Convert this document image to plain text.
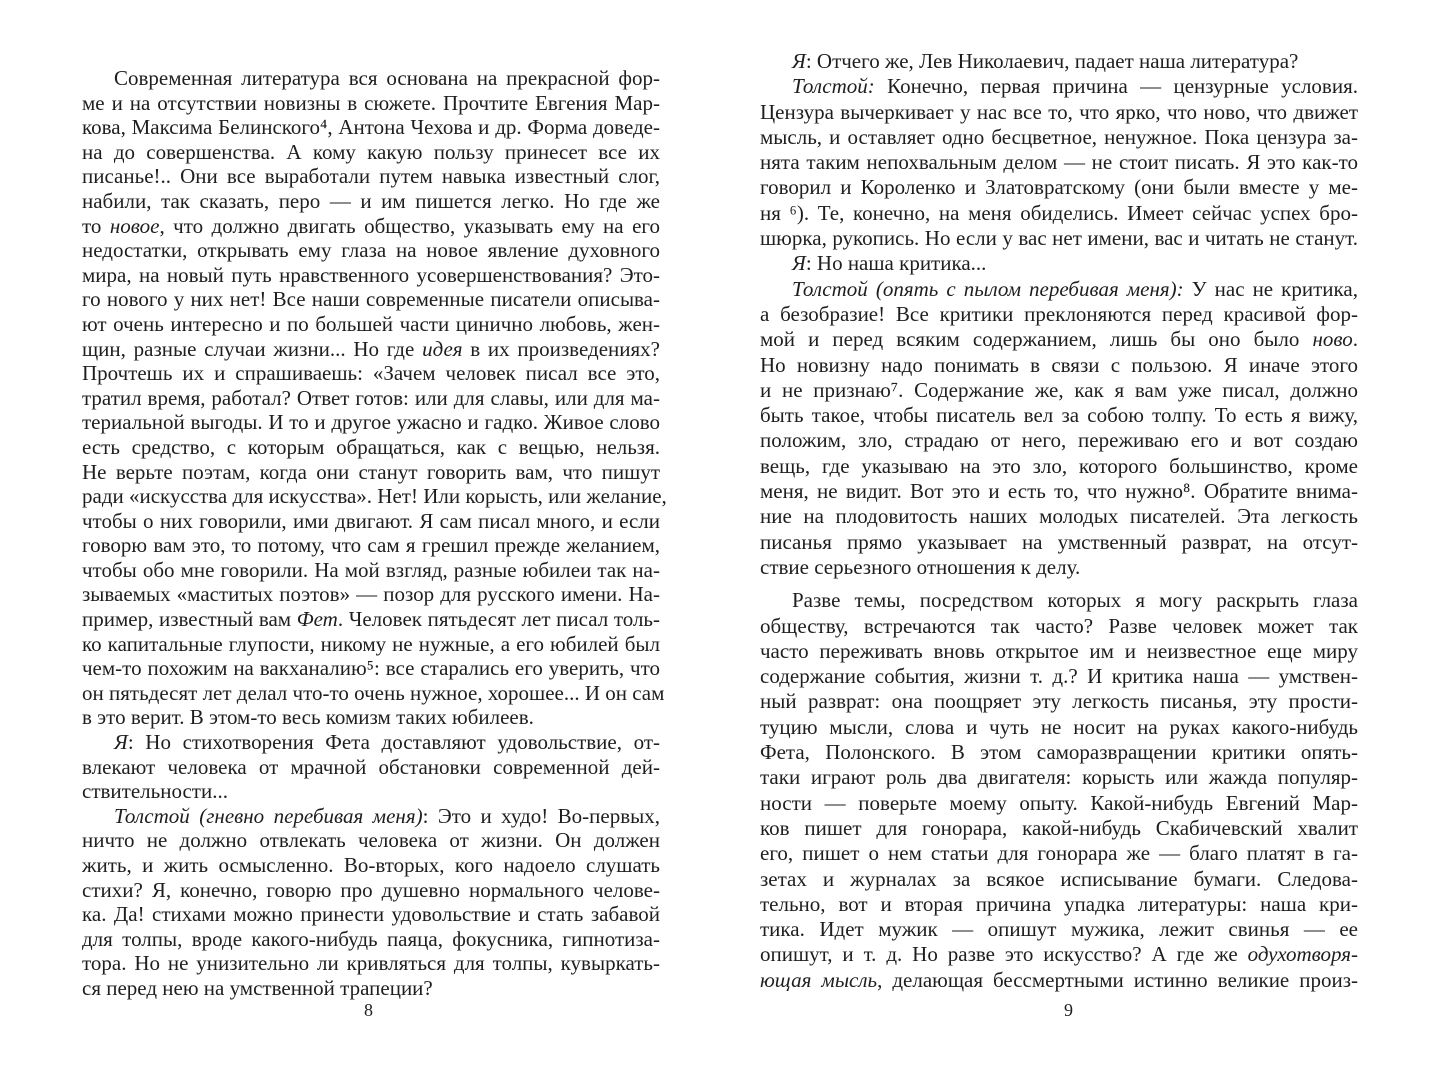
Современная литература вся основана на прекрасной фор-
ме и на отсутствии новизны в сюжете. Прочтите Евгения Мар-
кова, Максима Белинского⁴, Антона Чехова и др. Форма доведе-
на до совершенства. А кому какую пользу принесет все их
писанье!.. Они все выработали путем навыка известный слог,
набили, так сказать, перо — и им пишется легко. Но где же
то новое, что должно двигать общество, указывать ему на его
недостатки, открывать ему глаза на новое явление духовного
мира, на новый путь нравственного усовершенствования? Это-
го нового у них нет! Все наши современные писатели описыва-
ют очень интересно и по большей части цинично любовь, жен-
щин, разные случаи жизни... Но где идея в их произведениях?
Прочтешь их и спрашиваешь: «Зачем человек писал все это,
тратил время, работал? Ответ готов: или для славы, или для ма-
териальной выгоды. И то и другое ужасно и гадко. Живое слово
есть средство, с которым обращаться, как с вещью, нельзя.
Не верьте поэтам, когда они станут говорить вам, что пишут
ради «искусства для искусства». Нет! Или корысть, или желание,
чтобы о них говорили, ими двигают. Я сам писал много, и если
говорю вам это, то потому, что сам я грешил прежде желанием,
чтобы обо мне говорили. На мой взгляд, разные юбилеи так на-
зываемых «маститых поэтов» — позор для русского имени. На-
пример, известный вам Фет. Человек пятьдесят лет писал толь-
ко капитальные глупости, никому не нужные, а его юбилей был
чем-то похожим на вакханалию⁵: все старались его уверить, что
он пятьдесят лет делал что-то очень нужное, хорошее... И он сам
в это верит. В этом-то весь комизм таких юбилеев.
Я: Но стихотворения Фета доставляют удовольствие, от-
влекают человека от мрачной обстановки современной дей-
ствительности...
Толстой (гневно перебивая меня): Это и худо! Во-первых,
ничто не должно отвлекать человека от жизни. Он должен
жить, и жить осмысленно. Во-вторых, кого надоело слушать
стихи? Я, конечно, говорю про душевно нормального челове-
ка. Да! стихами можно принести удовольствие и стать забавой
для толпы, вроде какого-нибудь паяца, фокусника, гипнотиза-
тора. Но не унизительно ли кривляться для толпы, кувыркать-
ся перед нею на умственной трапеции?
Я: Отчего же, Лев Николаевич, падает наша литература?
Толстой: Конечно, первая причина — цензурные условия.
Цензура вычеркивает у нас все то, что ярко, что ново, что движет
мысль, и оставляет одно бесцветное, ненужное. Пока цензура за-
нята таким непохвальным делом — не стоит писать. Я это как-то
говорил и Короленко и Златовратскому (они были вместе у ме-
ня ⁶). Те, конечно, на меня обиделись. Имеет сейчас успех бро-
шюрка, рукопись. Но если у вас нет имени, вас и читать не станут.
Я: Но наша критика...
Толстой (опять с пылом перебивая меня): У нас не критика,
а безобразие! Все критики преклоняются перед красивой фор-
мой и перед всяким содержанием, лишь бы оно было ново.
Но новизну надо понимать в связи с пользою. Я иначе этого
и не признаю⁷. Содержание же, как я вам уже писал, должно
быть такое, чтобы писатель вел за собою толпу. То есть я вижу,
положим, зло, страдаю от него, переживаю его и вот создаю
вещь, где указываю на это зло, которого большинство, кроме
меня, не видит. Вот это и есть то, что нужно⁸. Обратите внима-
ние на плодовитость наших молодых писателей. Эта легкость
писанья прямо указывает на умственный разврат, на отсут-
ствие серьезного отношения к делу.
Разве темы, посредством которых я могу раскрыть глаза
обществу, встречаются так часто? Разве человек может так
часто переживать вновь открытое им и неизвестное еще миру
содержание события, жизни т. д.? И критика наша — умствен-
ный разврат: она поощряет эту легкость писанья, эту прости-
туцию мысли, слова и чуть не носит на руках какого-нибудь
Фета, Полонского. В этом саморазвращении критики опять-
таки играют роль два двигателя: корысть или жажда популяр-
ности — поверьте моему опыту. Какой-нибудь Евгений Мар-
ков пишет для гонорара, какой-нибудь Скабичевский хвалит
его, пишет о нем статьи для гонорара же — благо платят в га-
зетах и журналах за всякое исписывание бумаги. Следова-
тельно, вот и вторая причина упадка литературы: наша кри-
тика. Идет мужик — опишут мужика, лежит свинья — ее
опишут, и т. д. Но разве это искусство? А где же одухотворя-
ющая мысль, делающая бессмертными истинно великие произ-
8	9
